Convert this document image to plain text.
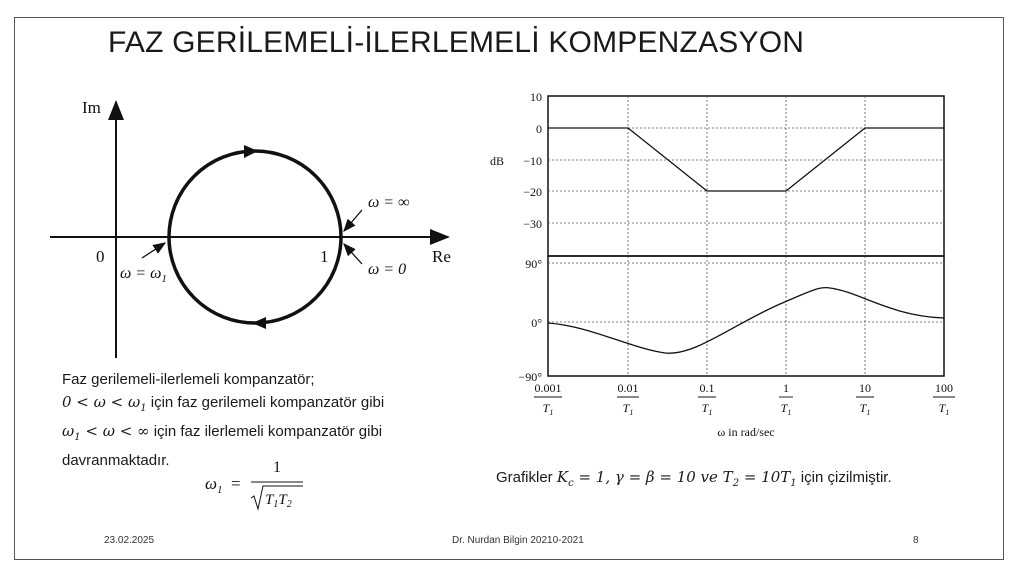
FAZ GERİLEMELİ-İLERLEMELİ KOMPENZASYON
Im
Re
0	1
ω = ∞
ω = 0
$\omega = \omega_1$
10
0
−10
−20
−30
dB
90°
0°
−90°
0.001
$T_1$
0.01
$T_1$
0.1
$T_1$
1
$T_1$
10
$T_1$
100
$T_1$
ω in rad/sec
Faz gerilemeli-ilerlemeli kompanzatör;
$0 < \omega < \omega_1$ için faz gerilemeli kompanzatör gibi
$\omega_1 < \omega$ < ∞ için faz ilerlemeli kompanzatör gibi
davranmaktadır.
$\omega_1$ =
1
$T_1T_2$
Grafikler $K_c = 1$, γ = β = 10 ve $T_2 = 10T_1$ için çizilmiştir.
23.02.2025	Dr. Nurdan Bilgin 20210-2021	8
